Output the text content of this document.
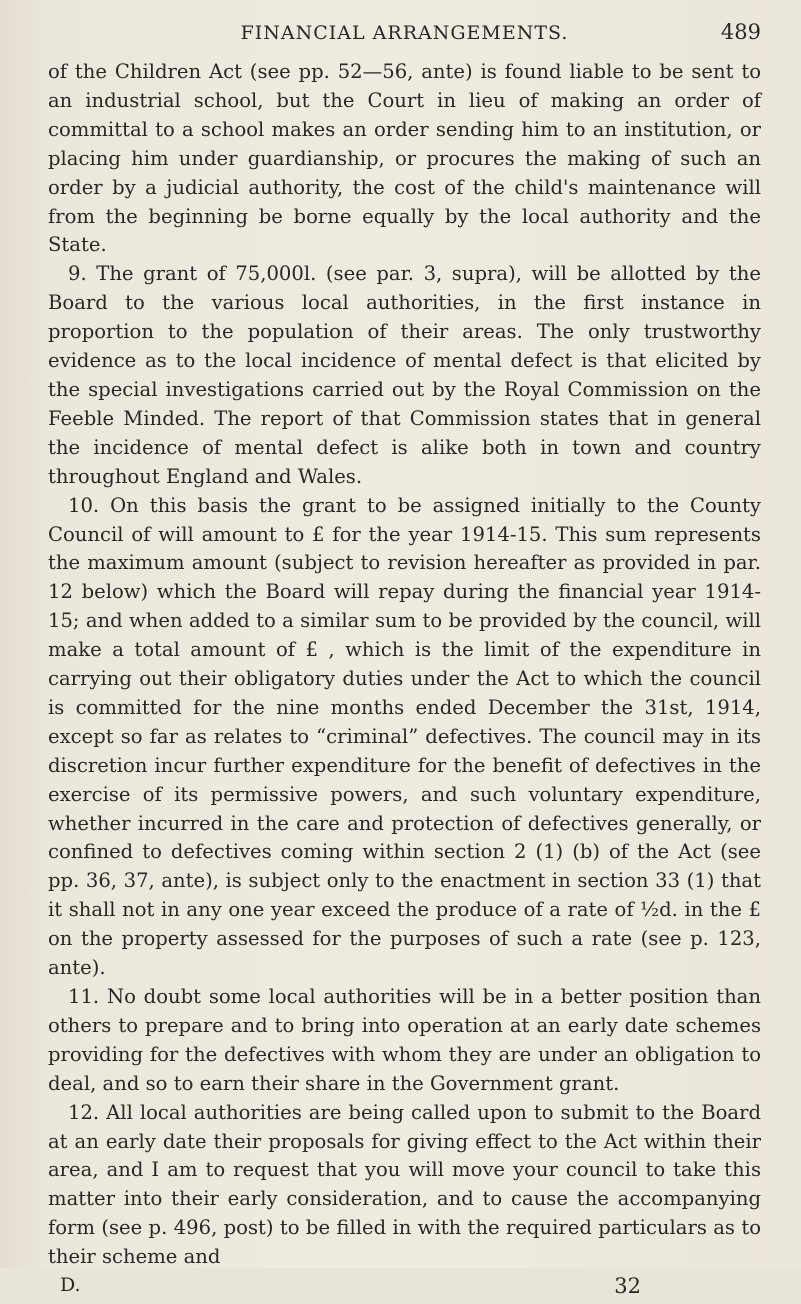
FINANCIAL ARRANGEMENTS.	489

of the Children Act (see pp. 52—56, ante) is found liable to be sent to an industrial school, but the Court in lieu of making an order of committal to a school makes an order sending him to an institution, or placing him under guardianship, or procures the making of such an order by a judicial authority, the cost of the child's maintenance will from the beginning be borne equally by the local authority and the State.

9. The grant of 75,000l. (see par. 3, supra), will be allotted by the Board to the various local authorities, in the first instance in proportion to the population of their areas. The only trustworthy evidence as to the local incidence of mental defect is that elicited by the special investigations carried out by the Royal Commission on the Feeble Minded. The report of that Commission states that in general the incidence of mental defect is alike both in town and country throughout England and Wales.

10. On this basis the grant to be assigned initially to the County Council of will amount to £ for the year 1914-15. This sum represents the maximum amount (subject to revision hereafter as provided in par. 12 below) which the Board will repay during the financial year 1914-15; and when added to a similar sum to be provided by the council, will make a total amount of £ , which is the limit of the expenditure in carrying out their obligatory duties under the Act to which the council is committed for the nine months ended December the 31st, 1914, except so far as relates to “criminal” defectives. The council may in its discretion incur further expenditure for the benefit of defectives in the exercise of its permissive powers, and such voluntary expenditure, whether incurred in the care and protection of defectives generally, or confined to defectives coming within section 2 (1) (b) of the Act (see pp. 36, 37, ante), is subject only to the enactment in section 33 (1) that it shall not in any one year exceed the produce of a rate of ½d. in the £ on the property assessed for the purposes of such a rate (see p. 123, ante).

11. No doubt some local authorities will be in a better position than others to prepare and to bring into operation at an early date schemes providing for the defectives with whom they are under an obligation to deal, and so to earn their share in the Government grant.

12. All local authorities are being called upon to submit to the Board at an early date their proposals for giving effect to the Act within their area, and I am to request that you will move your council to take this matter into their early consideration, and to cause the accompanying form (see p. 496, post) to be filled in with the required particulars as to their scheme and

D.	32
